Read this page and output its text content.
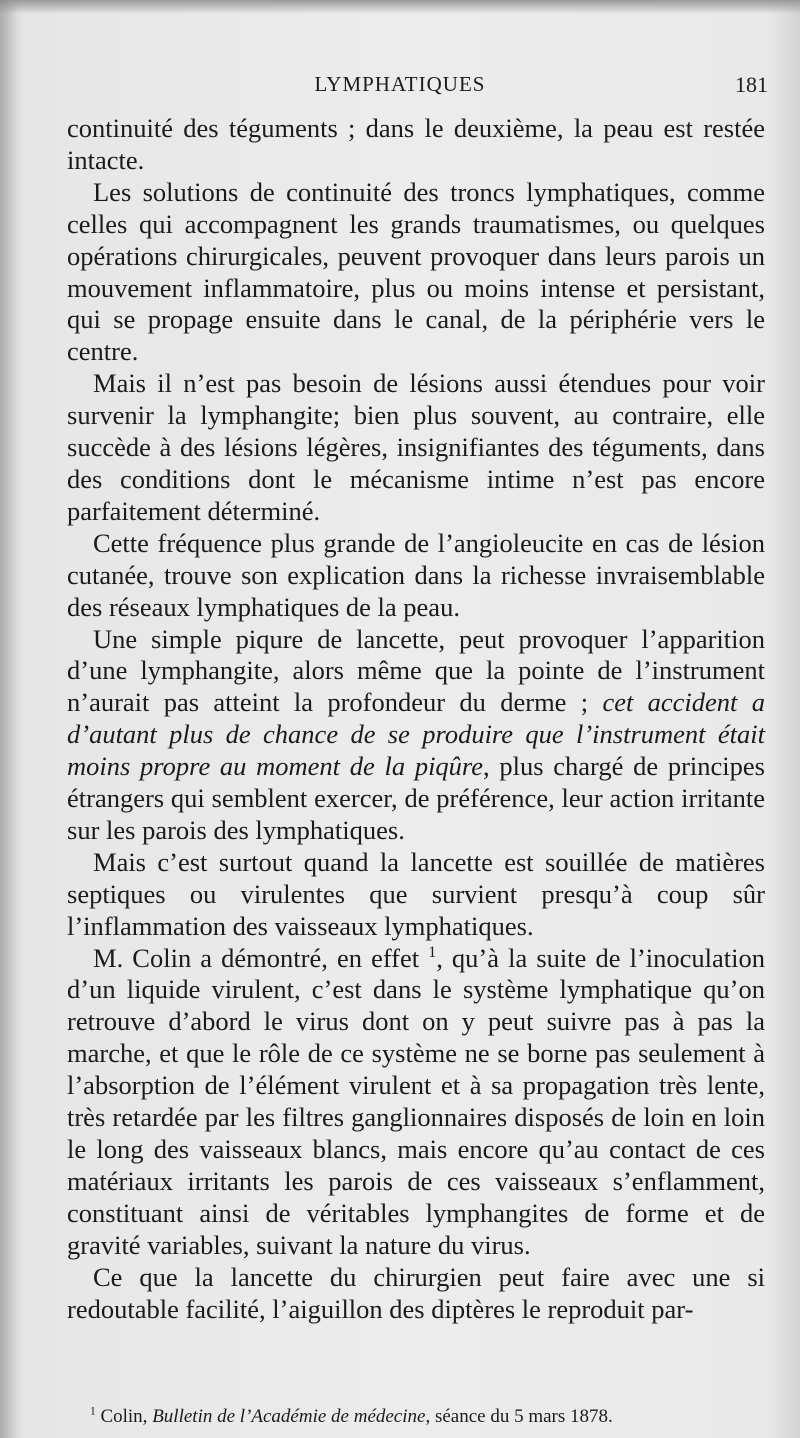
LYMPHATIQUES	181

continuité des téguments ; dans le deuxième, la peau est restée intacte.

Les solutions de continuité des troncs lymphatiques, comme celles qui accompagnent les grands traumatismes, ou quelques opérations chirurgicales, peuvent provoquer dans leurs parois un mouvement inflammatoire, plus ou moins intense et persistant, qui se propage ensuite dans le canal, de la périphérie vers le centre.

Mais il n’est pas besoin de lésions aussi étendues pour voir survenir la lymphangite; bien plus souvent, au contraire, elle succède à des lésions légères, insignifiantes des téguments, dans des conditions dont le mécanisme intime n’est pas encore parfaitement déterminé.

Cette fréquence plus grande de l’angioleucite en cas de lésion cutanée, trouve son explication dans la richesse invraisemblable des réseaux lymphatiques de la peau.

Une simple piqure de lancette, peut provoquer l’apparition d’une lymphangite, alors même que la pointe de l’instrument n’aurait pas atteint la profondeur du derme ; cet accident a d’autant plus de chance de se produire que l’instrument était moins propre au moment de la piqûre, plus chargé de principes étrangers qui semblent exercer, de préférence, leur action irritante sur les parois des lymphatiques.

Mais c’est surtout quand la lancette est souillée de matières septiques ou virulentes que survient presqu’à coup sûr l’inflammation des vaisseaux lymphatiques.

M. Colin a démontré, en effet $^1$, qu’à la suite de l’inoculation d’un liquide virulent, c’est dans le système lymphatique qu’on retrouve d’abord le virus dont on y peut suivre pas à pas la marche, et que le rôle de ce système ne se borne pas seulement à l’absorption de l’élément virulent et à sa propagation très lente, très retardée par les filtres ganglionnaires disposés de loin en loin le long des vaisseaux blancs, mais encore qu’au contact de ces matériaux irritants les parois de ces vaisseaux s’enflamment, constituant ainsi de véritables lymphangites de forme et de gravité variables, suivant la nature du virus.

Ce que la lancette du chirurgien peut faire avec une si redoutable facilité, l’aiguillon des diptères le reproduit par-

$^1$ Colin, Bulletin de l’Académie de médecine, séance du 5 mars 1878.
